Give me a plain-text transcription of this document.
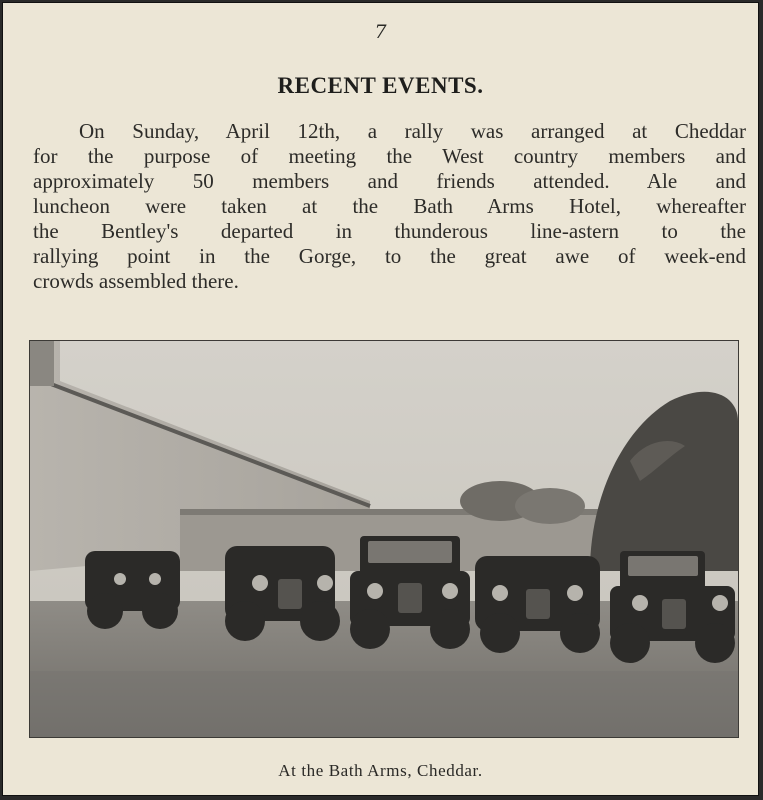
7
RECENT EVENTS.
On Sunday, April 12th, a rally was arranged at Cheddar
for the purpose of meeting the West country members and
approximately 50 members and friends attended. Ale and
luncheon were taken at the Bath Arms Hotel, whereafter
the Bentley's departed in thunderous line-astern to the
rallying point in the Gorge, to the great awe of week-end
crowds assembled there.
At the Bath Arms, Cheddar.
